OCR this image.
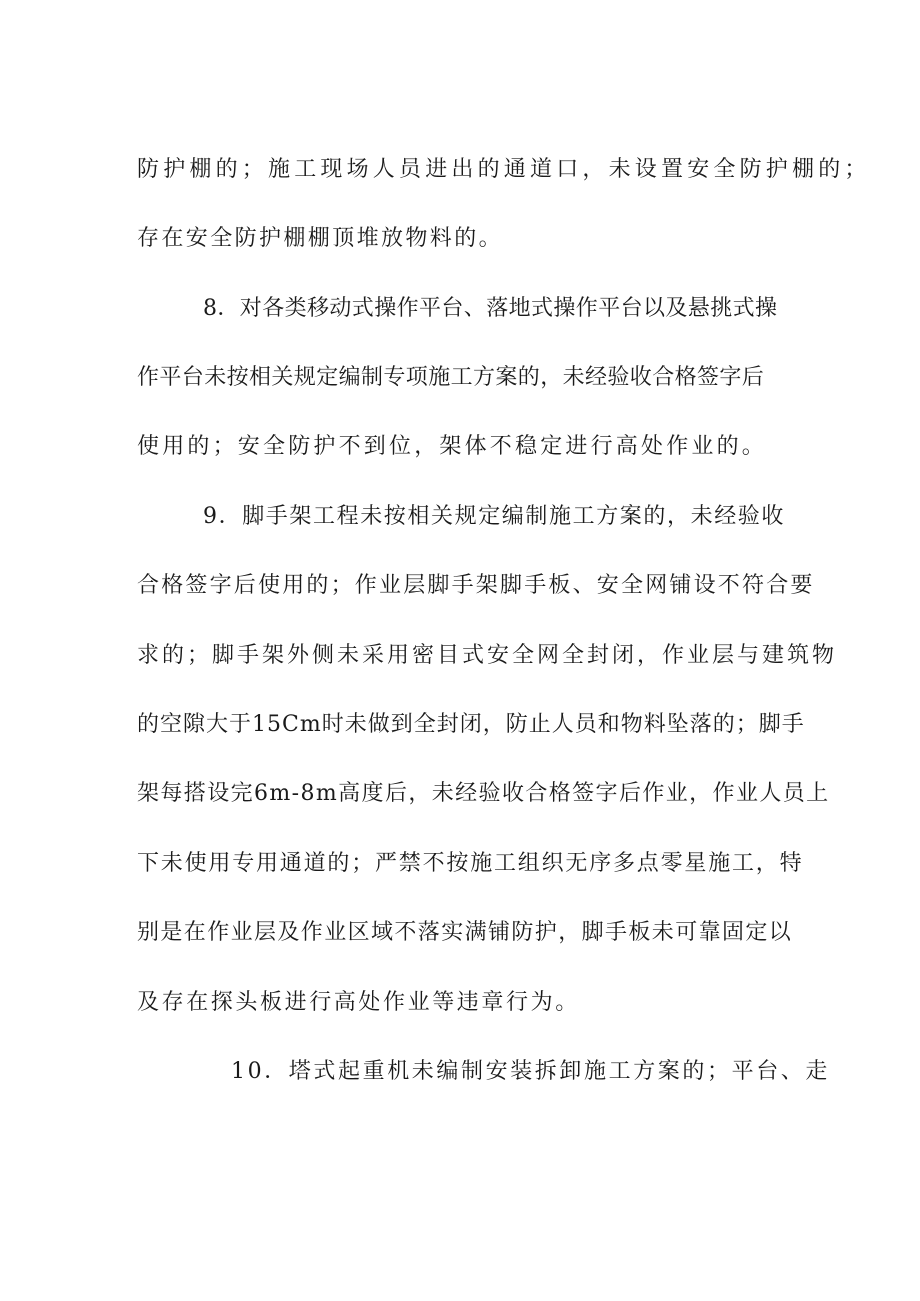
防护棚的；施工现场人员进出的通道口，未设置安全防护棚的；
存在安全防护棚棚顶堆放物料的。
8．对各类移动式操作平台、落地式操作平台以及悬挑式操
作平台未按相关规定编制专项施工方案的，未经验收合格签字后
使用的；安全防护不到位，架体不稳定进行高处作业的。
9．脚手架工程未按相关规定编制施工方案的，未经验收
合格签字后使用的；作业层脚手架脚手板、安全网铺设不符合要
求的；脚手架外侧未采用密目式安全网全封闭，作业层与建筑物
的空隙大于15Cm时未做到全封闭，防止人员和物料坠落的；脚手
架每搭设完6m-8m高度后，未经验收合格签字后作业，作业人员上
下未使用专用通道的；严禁不按施工组织无序多点零星施工，特
别是在作业层及作业区域不落实满铺防护，脚手板未可靠固定以
及存在探头板进行高处作业等违章行为。
10．塔式起重机未编制安装拆卸施工方案的；平台、走
